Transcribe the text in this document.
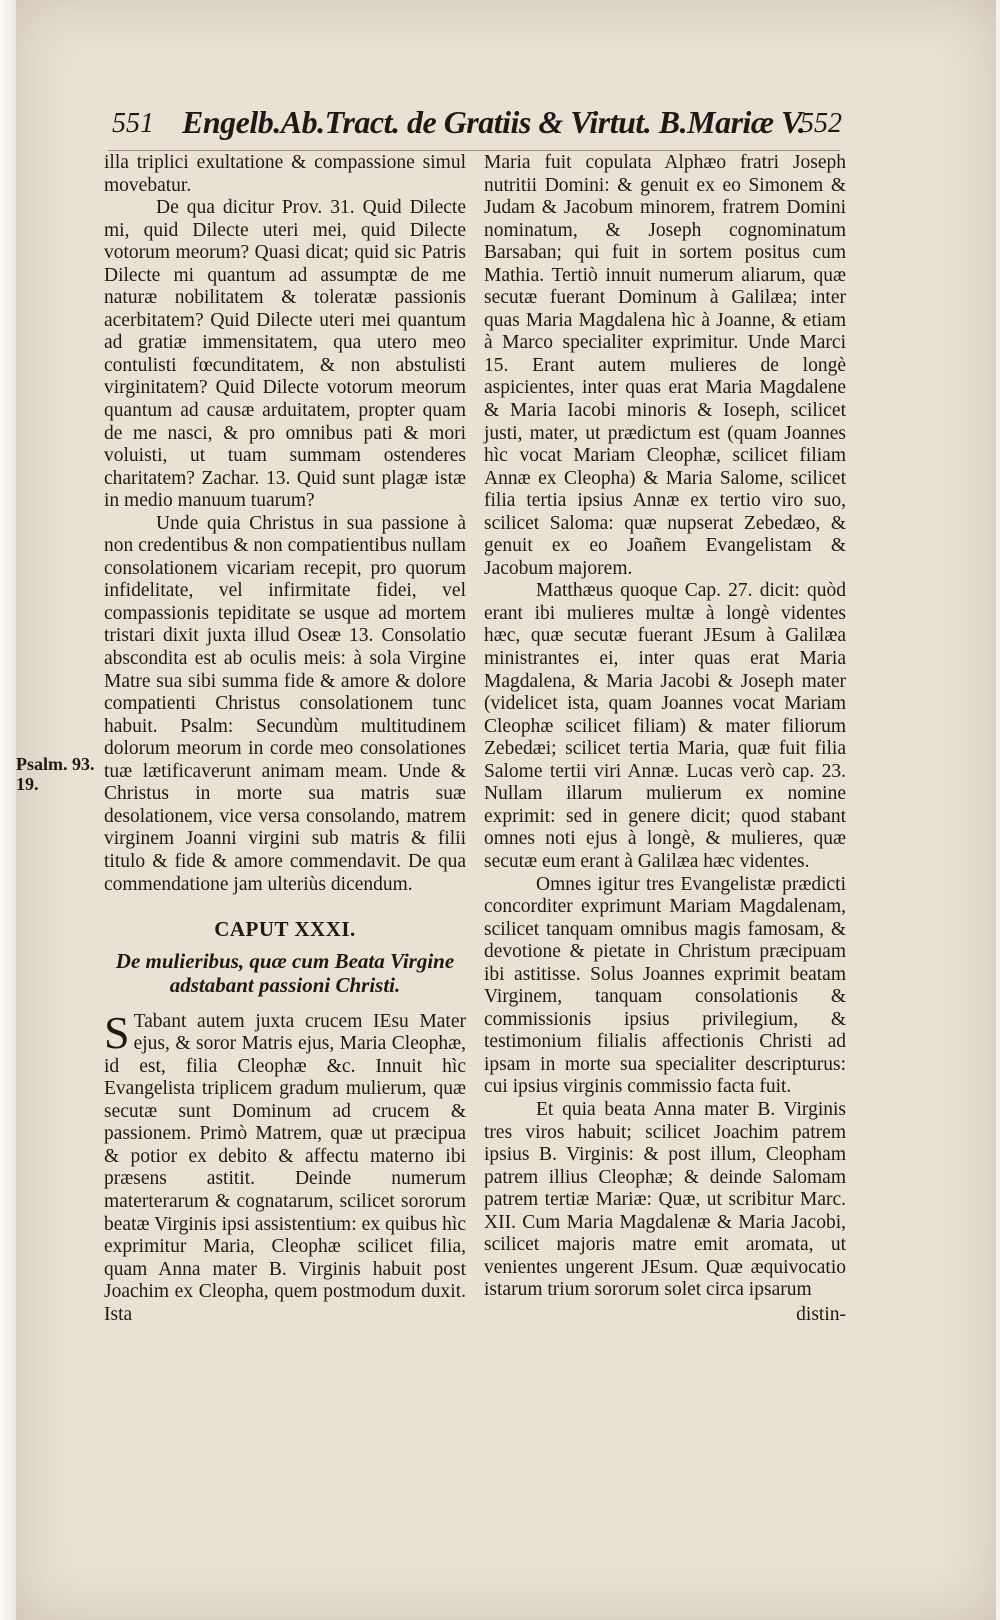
551 Engelb.Ab.Tract. de Gratiis & Virtut. B.Mariæ V.
552
Psalm. 93. 19.

illa triplici exultatione & compassione simul movebatur.

De qua dicitur Prov. 31. Quid Dilecte mi, quid Dilecte uteri mei, quid Dilecte votorum meorum? Quasi dicat; quid sic Patris Dilecte mi quantum ad assumptæ de me naturæ nobilitatem & toleratæ passionis acerbitatem? Quid Dilecte uteri mei quantum ad gratiæ immensitatem, qua utero meo contulisti fœcunditatem, & non abstulisti virginitatem? Quid Dilecte votorum meorum quantum ad causæ arduitatem, propter quam de me nasci, & pro omnibus pati & mori voluisti, ut tuam summam ostenderes charitatem? Zachar. 13. Quid sunt plagæ istæ in medio manuum tuarum?

Unde quia Christus in sua passione à non credentibus & non compatientibus nullam consolationem vicariam recepit, pro quorum infidelitate, vel infirmitate fidei, vel compassionis tepiditate se usque ad mortem tristari dixit juxta illud Oseæ 13. Consolatio abscondita est ab oculis meis: à sola Virgine Matre sua sibi summa fide & amore & dolore compatienti Christus consolationem tunc habuit. Psalm: Secundùm multitudinem dolorum meorum in corde meo consolationes tuæ lætificaverunt animam meam. Unde & Christus in morte sua matris suæ desolationem, vice versa consolando, matrem virginem Joanni virgini sub matris & filii titulo & fide & amore commendavit. De qua commendatione jam ulteriùs dicendum.

CAPUT XXXI.

De mulieribus, quæ cum Beata Virgine adstabant passioni Christi.

S Tabant autem juxta crucem IEsu Mater ejus, & soror Matris ejus, Maria Cleophæ, id est, filia Cleophæ &c. Innuit hìc Evangelista triplicem gradum mulierum, quæ secutæ sunt Dominum ad crucem & passionem. Primò Matrem, quæ ut præcipua & potior ex debito & affectu materno ibi præsens astitit. Deinde numerum materterarum & cognatarum, scilicet sororum beatæ Virginis ipsi assistentium: ex quibus hìc exprimitur Maria, Cleophæ scilicet filia, quam Anna mater B. Virginis habuit post Joachim ex Cleopha, quem postmodum duxit. Ista

Maria fuit copulata Alphæo fratri Joseph nutritii Domini: & genuit ex eo Simonem & Judam & Jacobum minorem, fratrem Domini nominatum, & Joseph cognominatum Barsaban; qui fuit in sortem positus cum Mathia. Tertiò innuit numerum aliarum, quæ secutæ fuerant Dominum à Galilæa; inter quas Maria Magdalena hìc à Joanne, & etiam à Marco specialiter exprimitur. Unde Marci 15. Erant autem mulieres de longè aspicientes, inter quas erat Maria Magdalene & Maria Iacobi minoris & Ioseph, scilicet justi, mater, ut prædictum est (quam Joannes hìc vocat Mariam Cleophæ, scilicet filiam Annæ ex Cleopha) & Maria Salome, scilicet filia tertia ipsius Annæ ex tertio viro suo, scilicet Saloma: quæ nupserat Zebedæo, & genuit ex eo Joañem Evangelistam & Jacobum majorem.

Matthæus quoque Cap. 27. dicit: quòd erant ibi mulieres multæ à longè videntes hæc, quæ secutæ fuerant JEsum à Galilæa ministrantes ei, inter quas erat Maria Magdalena, & Maria Jacobi & Joseph mater (videlicet ista, quam Joannes vocat Mariam Cleophæ scilicet filiam) & mater filiorum Zebedæi; scilicet tertia Maria, quæ fuit filia Salome tertii viri Annæ. Lucas verò cap. 23. Nullam illarum mulierum ex nomine exprimit: sed in genere dicit; quod stabant omnes noti ejus à longè, & mulieres, quæ secutæ eum erant à Galilæa hæc videntes.

Omnes igitur tres Evangelistæ prædicti concorditer exprimunt Mariam Magdalenam, scilicet tanquam omnibus magis famosam, & devotione & pietate in Christum præcipuam ibi astitisse. Solus Joannes exprimit beatam Virginem, tanquam consolationis & commissionis ipsius privilegium, & testimonium filialis affectionis Christi ad ipsam in morte sua specialiter descripturus: cui ipsius virginis commissio facta fuit.

Et quia beata Anna mater B. Virginis tres viros habuit; scilicet Joachim patrem ipsius B. Virginis: & post illum, Cleopham patrem illius Cleophæ; & deinde Salomam patrem tertiæ Mariæ: Quæ, ut scribitur Marc. XII. Cum Maria Magdalenæ & Maria Jacobi, scilicet majoris matre emit aromata, ut venientes ungerent JEsum. Quæ æquivocatio istarum trium sororum solet circa ipsarum

distin-
